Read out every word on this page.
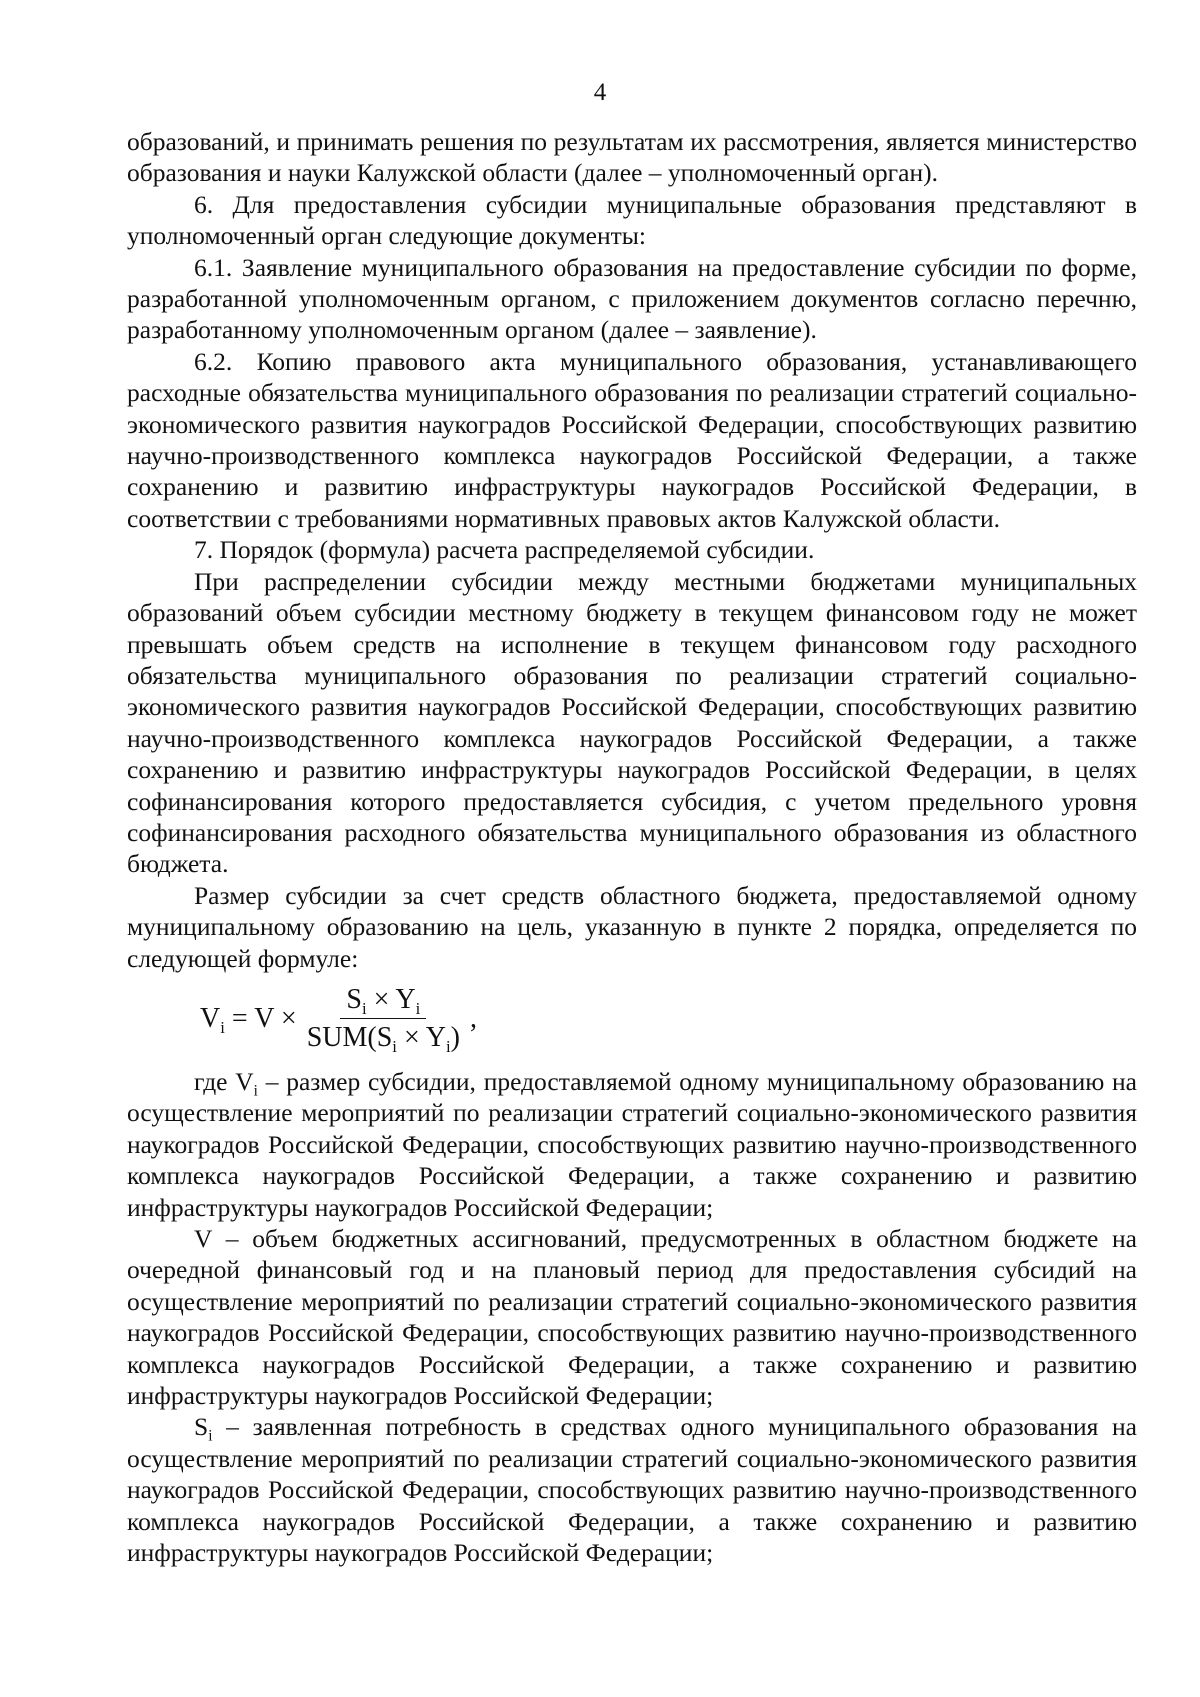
4

образований, и принимать решения по результатам их рассмотрения, является министерство образования и науки Калужской области (далее – уполномоченный орган).

6. Для предоставления субсидии муниципальные образования представляют в уполномоченный орган следующие документы:

6.1. Заявление муниципального образования на предоставление субсидии по форме, разработанной уполномоченным органом, с приложением документов согласно перечню, разработанному уполномоченным органом (далее – заявление).

6.2. Копию правового акта муниципального образования, устанавливающего расходные обязательства муниципального образования по реализации стратегий социально-экономического развития наукоградов Российской Федерации, способствующих развитию научно-производственного комплекса наукоградов Российской Федерации, а также сохранению и развитию инфраструктуры наукоградов Российской Федерации, в соответствии с требованиями нормативных правовых актов Калужской области.

7. Порядок (формула) расчета распределяемой субсидии.

При распределении субсидии между местными бюджетами муниципальных образований объем субсидии местному бюджету в текущем финансовом году не может превышать объем средств на исполнение в текущем финансовом году расходного обязательства муниципального образования по реализации стратегий социально-экономического развития наукоградов Российской Федерации, способствующих развитию научно-производственного комплекса наукоградов Российской Федерации, а также сохранению и развитию инфраструктуры наукоградов Российской Федерации, в целях софинансирования которого предоставляется субсидия, с учетом предельного уровня софинансирования расходного обязательства муниципального образования из областного бюджета.

Размер субсидии за счет средств областного бюджета, предоставляемой одному муниципальному образованию на цель, указанную в пункте 2 порядка, определяется по следующей формуле:

$V_i = V \times \frac{S_i \times Y_i}{SUM(S_i \times Y_i)}$ ,

где $V_i$ – размер субсидии, предоставляемой одному муниципальному образованию на осуществление мероприятий по реализации стратегий социально-экономического развития наукоградов Российской Федерации, способствующих развитию научно-производственного комплекса наукоградов Российской Федерации, а также сохранению и развитию инфраструктуры наукоградов Российской Федерации;

V – объем бюджетных ассигнований, предусмотренных в областном бюджете на очередной финансовый год и на плановый период для предоставления субсидий на осуществление мероприятий по реализации стратегий социально-экономического развития наукоградов Российской Федерации, способствующих развитию научно-производственного комплекса наукоградов Российской Федерации, а также сохранению и развитию инфраструктуры наукоградов Российской Федерации;

$S_i$ – заявленная потребность в средствах одного муниципального образования на осуществление мероприятий по реализации стратегий социально-экономического развития наукоградов Российской Федерации, способствующих развитию научно-производственного комплекса наукоградов Российской Федерации, а также сохранению и развитию инфраструктуры наукоградов Российской Федерации;
